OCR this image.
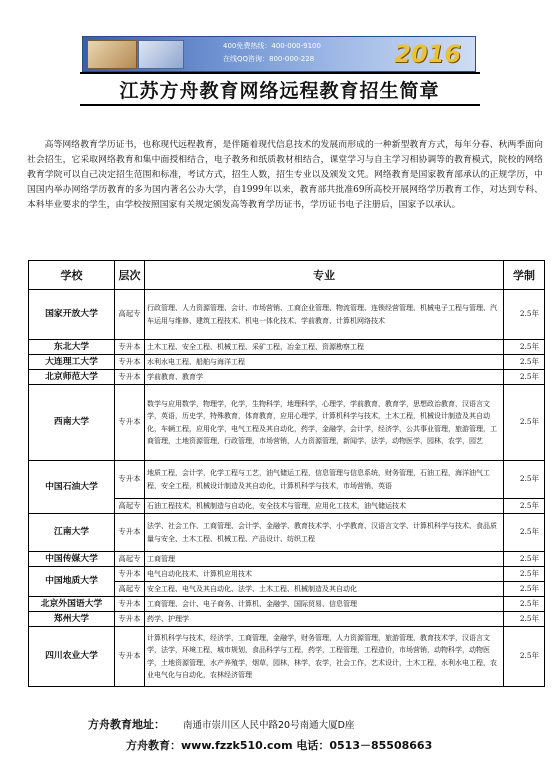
400免费热线：400-000-9100
在线QQ咨询：800-000-228	2016
江苏方舟教育网络远程教育招生简章
高等网络教育学历证书，也称现代远程教育，是伴随着现代信息技术的发展而形成的一种新型教育方式，每年分春、秋两季面向社会招生，它采取网络教育和集中面授相结合，电子教务和纸质教材相结合，课堂学习与自主学习相协调等的教育模式，院校的网络教育学院可以自己决定招生范围和标准，考试方式，招生人数，招生专业以及颁发文凭。网络教育是国家教育部承认的正规学历，中国国内举办网络学历教育的多为国内著名公办大学，自1999年以来，教育部共批准69所高校开展网络学历教育工作，对达到专科、本科毕业要求的学生，由学校按照国家有关规定颁发高等教育学历证书，学历证书电子注册后，国家予以承认。
学校	层次	专业	学制
国家开放大学	高起专	行政管理、人力资源管理、会计、市场营销、工商企业管理、物流管理、连锁经营管理、机械电子工程与管理、汽车运用与维修、建筑工程技术、机电一体化技术、学前教育、计算机网络技术	2.5年
东北大学	专升本	土木工程、安全工程、机械工程、采矿工程、冶金工程、资源勘察工程	2.5年
大连理工大学	专升本	水利水电工程、船舶与海洋工程	2.5年
北京师范大学	专升本	学前教育、教育学	2.5年
西南大学	专升本	数学与应用数学，物理学，化学，生物科学，地理科学，心理学，学前教育，教育学，思想政治教育，汉语言文学，英语，历史学，特殊教育，体育教育，应用心理学，计算机科学与技术，土木工程，机械设计制造及其自动化，车辆工程，应用化学，电气工程及其自动化，药学，金融学，会计学，经济学，公共事业管理，旅游管理，工商管理，土地资源管理，行政管理，市场营销，人力资源管理，新闻学，法学，动物医学，园林，农学，园艺	2.5年
中国石油大学	专升本	地质工程，会计学，化学工程与工艺，油气储运工程，信息管理与信息系统，财务管理，石油工程，海洋油气工程，安全工程，机械设计制造及其自动化，计算机科学与技术，市场营销，英语	2.5年
	高起专	石油工程技术，机械制造与自动化，安全技术与管理，应用化工技术，油气储运技术	2.5年
江南大学	专升本	法学、社会工作、工商管理、会计学、金融学、教育技术学、小学教育、汉语言文学、计算机科学与技术、食品质量与安全、土木工程、机械工程、产品设计、纺织工程	2.5年
中国传媒大学	高起专	工商管理	2.5年
中国地质大学	专升本	电气自动化技术、计算机应用技术	2.5年
	高起专	安全工程、电气及其自动化、法学、土木工程、机械制造及其自动化	2.5年
北京外国语大学	专升本	工商管理、会计、电子商务、计算机、金融学、国际贸易、信息管理	2.5年
郑州大学	专升本	药学、护理学	2.5年
四川农业大学	专升本	计算机科学与技术，经济学，工商管理，金融学，财务管理，人力资源管理，旅游管理，教育技术学，汉语言文学，法学，环境工程，城市规划，食品科学与工程，药学，工程管理，工程造价，市场营销，动物科学，动物医学，土地资源管理，水产养殖学，烟草，园林，林学，农学，社会工作，艺术设计，土木工程，水利水电工程，农业电气化与自动化，农林经济管理	2.5年
方舟教育地址： 南通市崇川区人民中路20号南通大厦D座
方舟教育：www.fzzk510.com 电话：0513－85508663
